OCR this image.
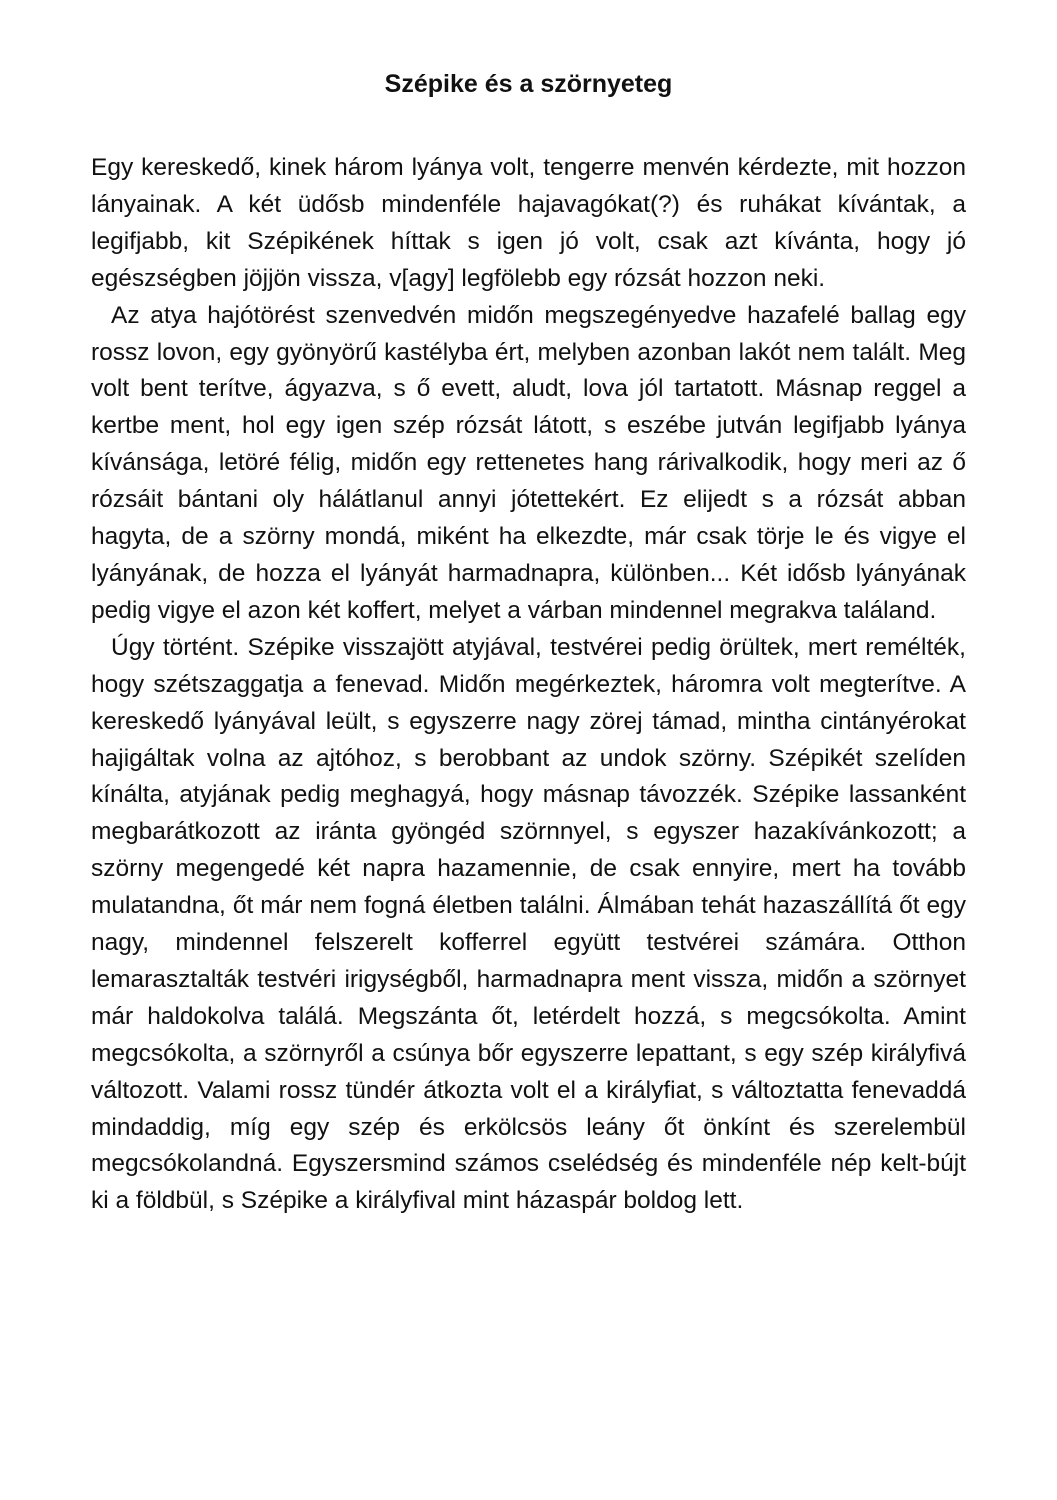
Szépike és a szörnyeteg

Egy kereskedő, kinek három lyánya volt, tengerre menvén kérdezte, mit hozzon lányainak. A két üdősb mindenféle hajavagókat(?) és ruhákat kívántak, a legifjabb, kit Szépikének híttak s igen jó volt, csak azt kívánta, hogy jó egészségben jöjjön vissza, v[agy] legfölebb egy rózsát hozzon neki.

Az atya hajótörést szenvedvén midőn megszegényedve hazafelé ballag egy rossz lovon, egy gyönyörű kastélyba ért, melyben azonban lakót nem talált. Meg volt bent terítve, ágyazva, s ő evett, aludt, lova jól tartatott. Másnap reggel a kertbe ment, hol egy igen szép rózsát látott, s eszébe jutván legifjabb lyánya kívánsága, letöré félig, midőn egy rettenetes hang rárivalkodik, hogy meri az ő rózsáit bántani oly hálátlanul annyi jótettekért. Ez elijedt s a rózsát abban hagyta, de a szörny mondá, miként ha elkezdte, már csak törje le és vigye el lyányának, de hozza el lyányát harmadnapra, különben... Két idősb lyányának pedig vigye el azon két koffert, melyet a várban mindennel megrakva találand.

Úgy történt. Szépike visszajött atyjával, testvérei pedig örültek, mert remélték, hogy szétszaggatja a fenevad. Midőn megérkeztek, háromra volt megterítve. A kereskedő lyányával leült, s egyszerre nagy zörej támad, mintha cintányérokat hajigáltak volna az ajtóhoz, s berobbant az undok szörny. Szépikét szelíden kínálta, atyjának pedig meghagyá, hogy másnap távozzék. Szépike lassanként megbarátkozott az iránta gyöngéd szörnnyel, s egyszer hazakívánkozott; a szörny megengedé két napra hazamennie, de csak ennyire, mert ha tovább mulatandna, őt már nem fogná életben találni. Álmában tehát hazaszállítá őt egy nagy, mindennel felszerelt kofferrel együtt testvérei számára. Otthon lemarasztalták testvéri irigységből, harmadnapra ment vissza, midőn a szörnyet már haldokolva találá. Megszánta őt, letérdelt hozzá, s megcsókolta. Amint megcsókolta, a szörnyről a csúnya bőr egyszerre lepattant, s egy szép királyfivá változott. Valami rossz tündér átkozta volt el a királyfiat, s változtatta fenevaddá mindaddig, míg egy szép és erkölcsös leány őt önkínt és szerelembül megcsókolandná. Egyszersmind számos cselédség és mindenféle nép kelt-bújt ki a földbül, s Szépike a királyfival mint házaspár boldog lett.
